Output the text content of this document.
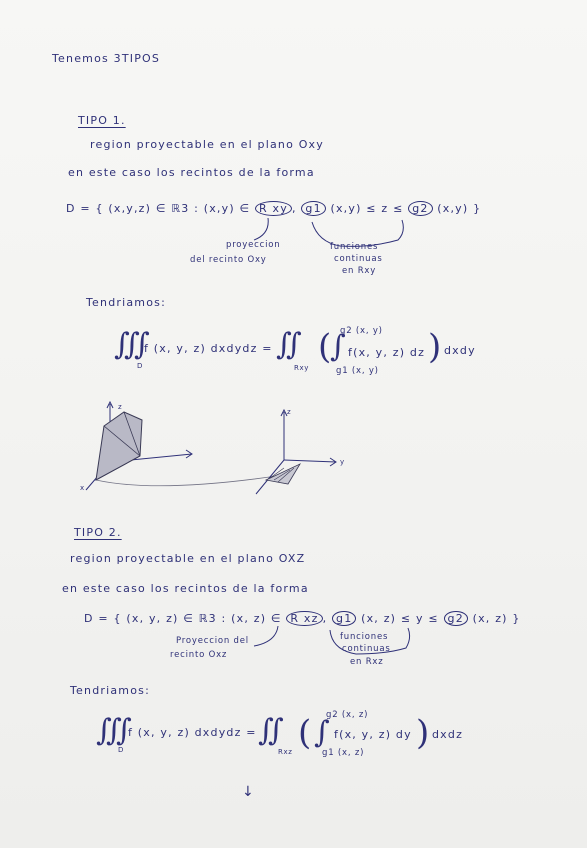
Tenemos 3TIPOS
TIPO 1.
region proyectable en el plano Oxy
en este caso los recintos de la forma
D = { (x,y,z) ∈ ℝ3 : (x,y) ∈ R xy , g1 (x,y) ≤ z ≤ g2 (x,y) }
proyeccion
del recinto Oxy
funciones
continuas
en Rxy
Tendriamos:
∭
D
f (x, y, z) dxdydz = ∬
Rxy
(
∫
g2 (x, y)
f(x, y, z) dz
g1 (x, y)
) dxdy
z
x
z
y
TIPO 2.
region proyectable en el plano OXZ
en este caso los recintos de la forma
D = { (x, y, z) ∈ ℝ3 : (x, z) ∈ R xz , g1 (x, z) ≤ y ≤ g2 (x, z) }
Proyeccion del
recinto Oxz
funciones
continuas
en Rxz
Tendriamos:
∭
D
f (x, y, z) dxdydz = ∬
Rxz ( ∫
g2 (x, z)
f(x, y, z) dy
g1 (x, z) ) dxdz
↓
